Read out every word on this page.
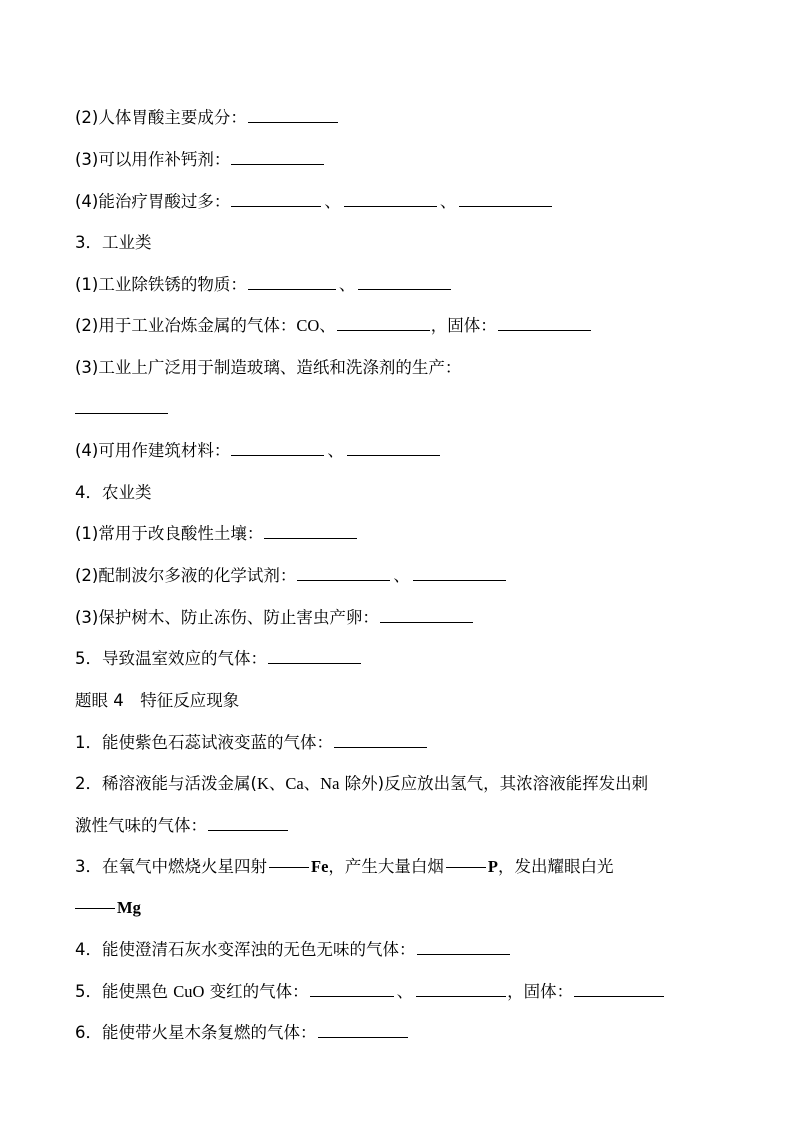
(2)人体胃酸主要成分：
(3)可以用作补钙剂：
(4)能治疗胃酸过多：	、	、
3．工业类
(1)工业除铁锈的物质：	、
(2)用于工业冶炼金属的气体：CO、	，固体：
(3)工业上广泛用于制造玻璃、造纸和洗涤剂的生产：
(4)可用作建筑材料：	、
4．农业类
(1)常用于改良酸性土壤：
(2)配制波尔多液的化学试剂：	、
(3)保护树木、防止冻伤、防止害虫产卵：
5．导致温室效应的气体：
题眼 4　特征反应现象
1．能使紫色石蕊试液变蓝的气体：
2．稀溶液能与活泼金属(K、Ca、Na 除外)反应放出氢气，其浓溶液能挥发出刺
激性气味的气体：
3．在氧气中燃烧火星四射	Fe，产生大量白烟	P，发出耀眼白光
Mg
4．能使澄清石灰水变浑浊的无色无味的气体：
5．能使黑色 CuO 变红的气体：	、	，固体：
6．能使带火星木条复燃的气体：
